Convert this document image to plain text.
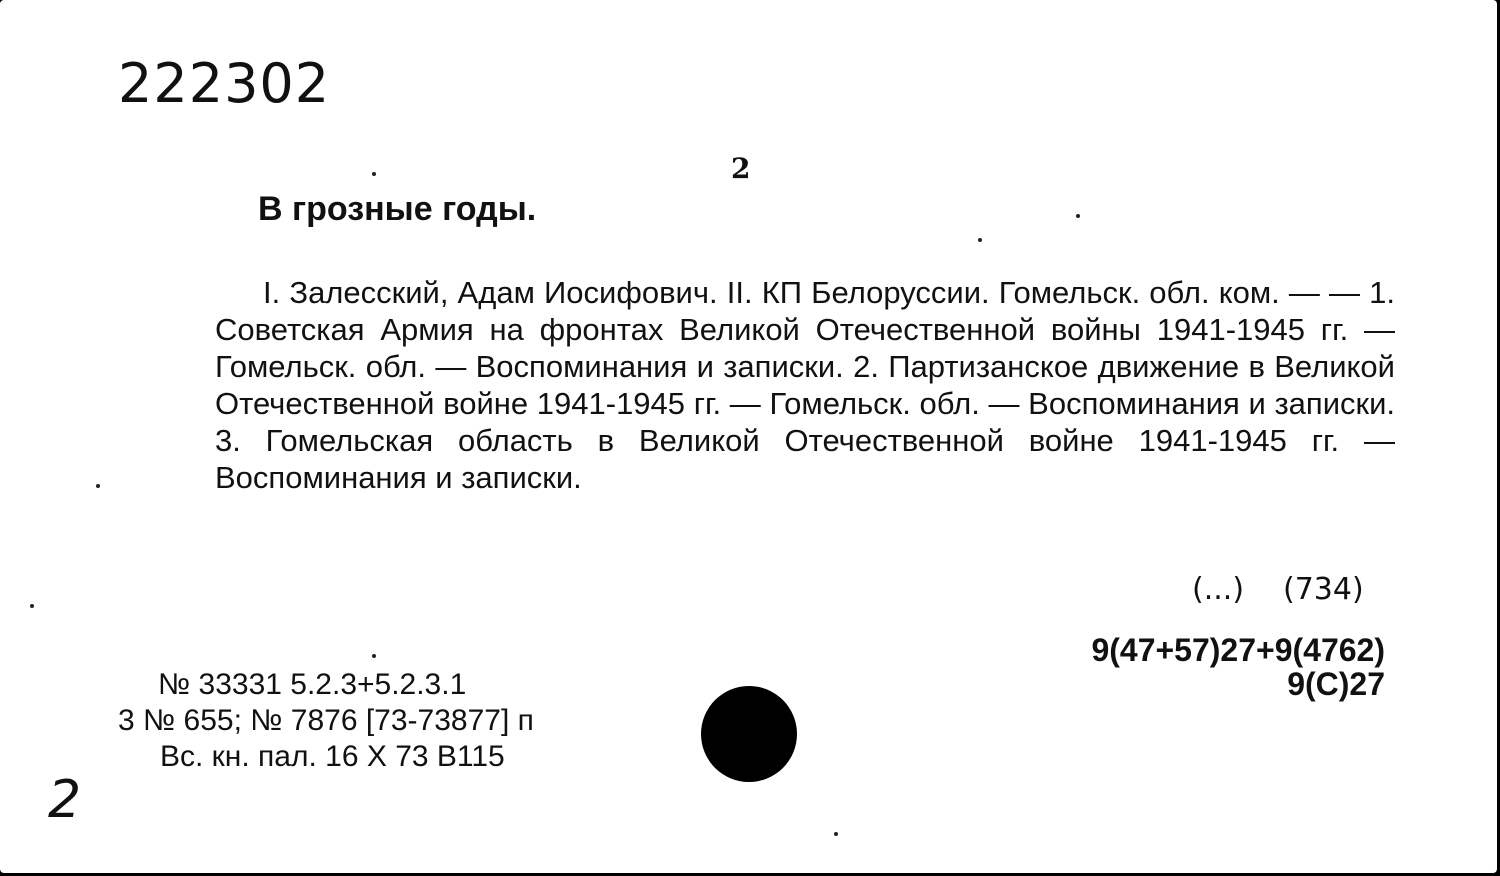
222302
2
В грозные годы.

I. Залесский, Адам Иосифович. II. КП Белоруссии. Гомельск. обл. ком. — — 1. Советская Армия на фронтах Великой Отечественной войны 1941-1945 гг. — Гомельск. обл. — Воспоминания и записки. 2. Партизанское движение в Великой Отечественной войне 1941-1945 гг. — Гомельск. обл. — Воспоминания и записки. 3. Гомельская область в Великой Отечественной войне 1941-1945 гг. — Воспоминания и записки.

(...) (734)
9(47+57)27+9(4762)
9(С)27
№ 33331 5.2.3+5.2.3.1
3 № 655; № 7876 [73-73877] п
Вс. кн. пал. 16 X 73 В115
2
